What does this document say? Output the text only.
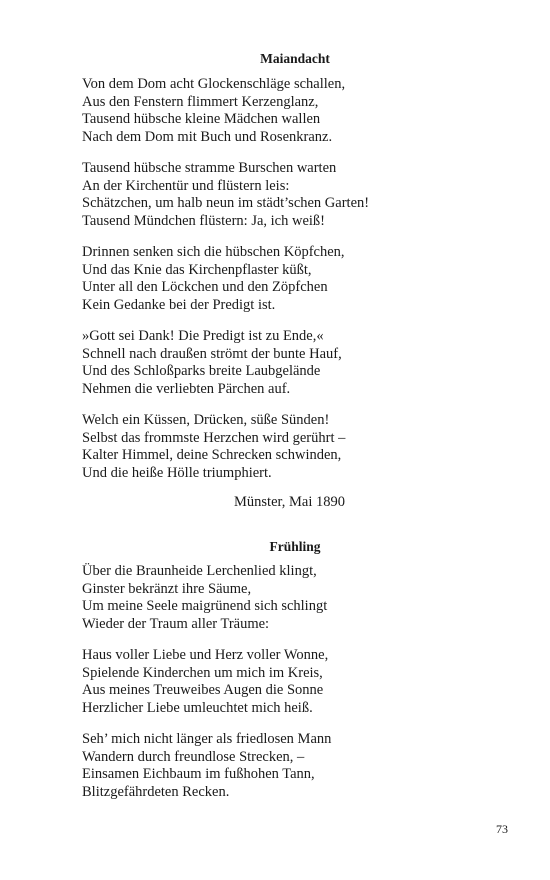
Maiandacht
Von dem Dom acht Glockenschläge schallen,
Aus den Fenstern flimmert Kerzenglanz,
Tausend hübsche kleine Mädchen wallen
Nach dem Dom mit Buch und Rosenkranz.
Tausend hübsche stramme Burschen warten
An der Kirchentür und flüstern leis:
Schätzchen, um halb neun im städt’schen Garten!
Tausend Mündchen flüstern: Ja, ich weiß!
Drinnen senken sich die hübschen Köpfchen,
Und das Knie das Kirchenpflaster küßt,
Unter all den Löckchen und den Zöpfchen
Kein Gedanke bei der Predigt ist.
»Gott sei Dank! Die Predigt ist zu Ende,«
Schnell nach draußen strömt der bunte Hauf,
Und des Schloßparks breite Laubgelände
Nehmen die verliebten Pärchen auf.
Welch ein Küssen, Drücken, süße Sünden!
Selbst das frommste Herzchen wird gerührt –
Kalter Himmel, deine Schrecken schwinden,
Und die heiße Hölle triumphiert.
Münster, Mai 1890
Frühling
Über die Braunheide Lerchenlied klingt,
Ginster bekränzt ihre Säume,
Um meine Seele maigrünend sich schlingt
Wieder der Traum aller Träume:
Haus voller Liebe und Herz voller Wonne,
Spielende Kinderchen um mich im Kreis,
Aus meines Treuweibes Augen die Sonne
Herzlicher Liebe umleuchtet mich heiß.
Seh’ mich nicht länger als friedlosen Mann
Wandern durch freundlose Strecken, –
Einsamen Eichbaum im fußhohen Tann,
Blitzgefährdeten Recken.
73
